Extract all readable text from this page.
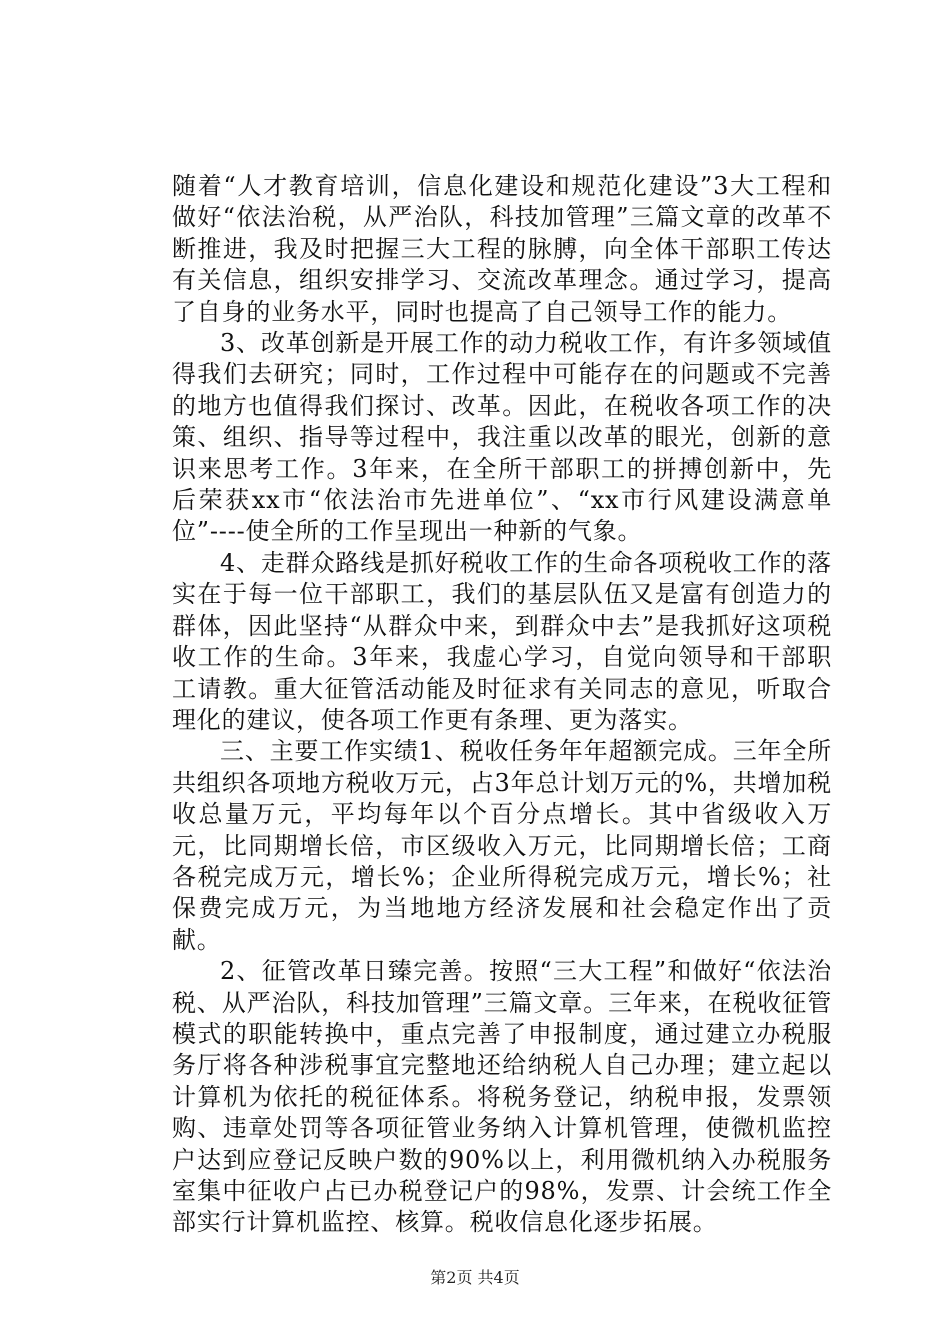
随着“人才教育培训，信息化建设和规范化建设”3大工程和做好“依法治税，从严治队，科技加管理”三篇文章的改革不断推进，我及时把握三大工程的脉膊，向全体干部职工传达有关信息，组织安排学习、交流改革理念。通过学习，提高了自身的业务水平，同时也提高了自己领导工作的能力。

3、改革创新是开展工作的动力税收工作，有许多领域值得我们去研究；同时，工作过程中可能存在的问题或不完善的地方也值得我们探讨、改革。因此，在税收各项工作的决策、组织、指导等过程中，我注重以改革的眼光，创新的意识来思考工作。3年来，在全所干部职工的拼搏创新中，先后荣获xx市“依法治市先进单位”、“xx市行风建设满意单位”----使全所的工作呈现出一种新的气象。

4、走群众路线是抓好税收工作的生命各项税收工作的落实在于每一位干部职工，我们的基层队伍又是富有创造力的群体，因此坚持“从群众中来，到群众中去”是我抓好这项税收工作的生命。3年来，我虚心学习，自觉向领导和干部职工请教。重大征管活动能及时征求有关同志的意见，听取合理化的建议，使各项工作更有条理、更为落实。

三、主要工作实绩1、税收任务年年超额完成。三年全所共组织各项地方税收万元，占3年总计划万元的%，共增加税收总量万元，平均每年以个百分点增长。其中省级收入万元，比同期增长倍，市区级收入万元，比同期增长倍；工商各税完成万元，增长%；企业所得税完成万元，增长%；社保费完成万元，为当地地方经济发展和社会稳定作出了贡献。

2、征管改革日臻完善。按照“三大工程”和做好“依法治税、从严治队，科技加管理”三篇文章。三年来，在税收征管模式的职能转换中，重点完善了申报制度，通过建立办税服务厅将各种涉税事宜完整地还给纳税人自己办理；建立起以计算机为依托的税征体系。将税务登记，纳税申报，发票领购、违章处罚等各项征管业务纳入计算机管理，使微机监控户达到应登记反映户数的90%以上，利用微机纳入办税服务室集中征收户占已办税登记户的98%，发票、计会统工作全部实行计算机监控、核算。税收信息化逐步拓展。

第2页 共4页
